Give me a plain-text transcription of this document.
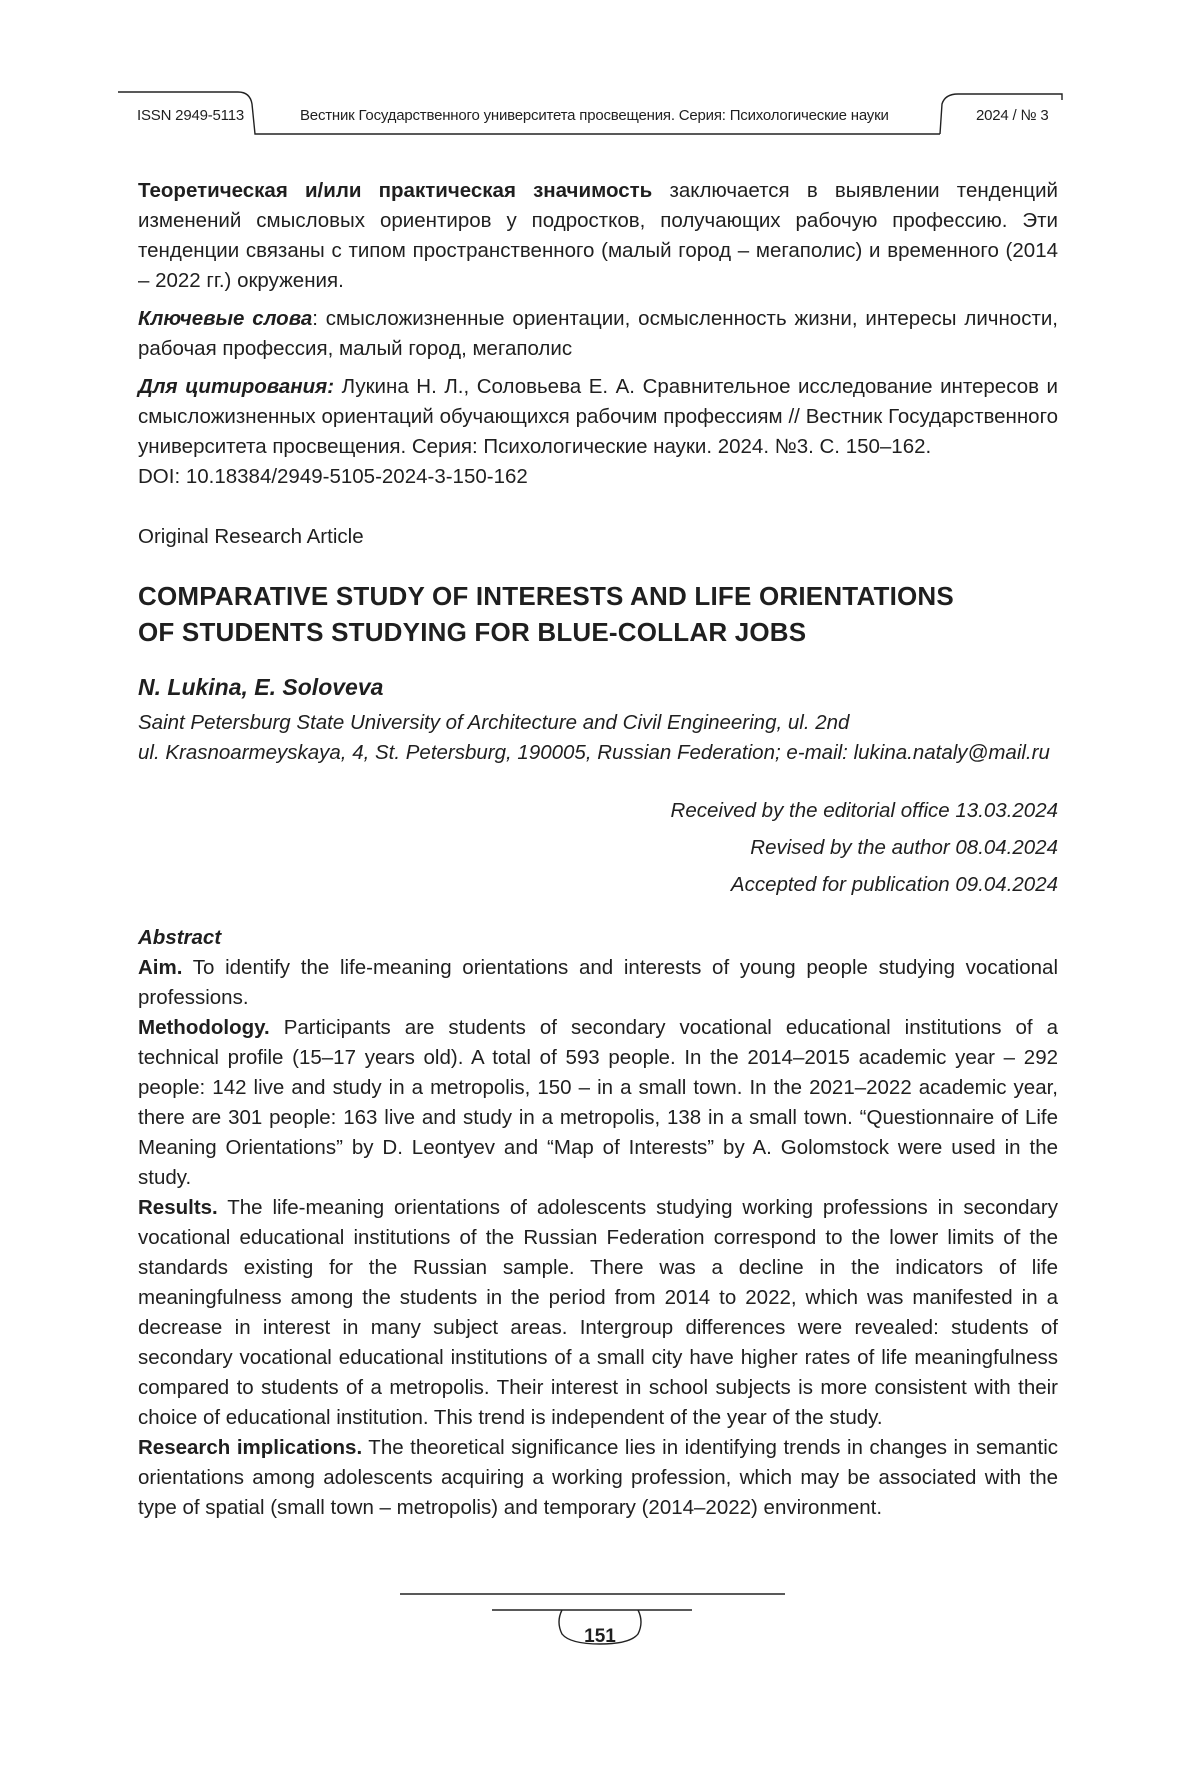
ISSN 2949-5113	Вестник Государственного университета просвещения. Серия: Психологические науки	2024 / № 3

Теоретическая и/или практическая значимость заключается в выявлении тенденций изменений смысловых ориентиров у подростков, получающих рабочую профессию. Эти тенденции связаны с типом пространственного (малый город – мегаполис) и временного (2014 – 2022 гг.) окружения.

Ключевые слова: смысложизненные ориентации, осмысленность жизни, интересы личности, рабочая профессия, малый город, мегаполис

Для цитирования: Лукина Н. Л., Соловьева Е. А. Сравнительное исследование интересов и смысложизненных ориентаций обучающихся рабочим профессиям // Вестник Государственного университета просвещения. Серия: Психологические науки. 2024. №3. С. 150–162.

DOI: 10.18384/2949-5105-2024-3-150-162

Original Research Article

COMPARATIVE STUDY OF INTERESTS AND LIFE ORIENTATIONS
OF STUDENTS STUDYING FOR BLUE-COLLAR JOBS

N. Lukina, E. Soloveva

Saint Petersburg State University of Architecture and Civil Engineering, ul. 2nd
ul. Krasnoarmeyskaya, 4, St. Petersburg, 190005, Russian Federation; e-mail: lukina.nataly@mail.ru

Received by the editorial office 13.03.2024

Revised by the author 08.04.2024

Accepted for publication 09.04.2024

Abstract

Aim. To identify the life-meaning orientations and interests of young people studying vocational professions.

Methodology. Participants are students of secondary vocational educational institutions of a technical profile (15–17 years old). A total of 593 people. In the 2014–2015 academic year – 292 people: 142 live and study in a metropolis, 150 – in a small town. In the 2021–2022 academic year, there are 301 people: 163 live and study in a metropolis, 138 in a small town. “Questionnaire of Life Meaning Orientations” by D. Leontyev and “Map of Interests” by A. Golomstock were used in the study.

Results. The life-meaning orientations of adolescents studying working professions in secondary vocational educational institutions of the Russian Federation correspond to the lower limits of the standards existing for the Russian sample. There was a decline in the indicators of life meaningfulness among the students in the period from 2014 to 2022, which was manifested in a decrease in interest in many subject areas. Intergroup differences were revealed: students of secondary vocational educational institutions of a small city have higher rates of life meaningfulness compared to students of a metropolis. Their interest in school subjects is more consistent with their choice of educational institution. This trend is independent of the year of the study.

Research implications. The theoretical significance lies in identifying trends in changes in semantic orientations among adolescents acquiring a working profession, which may be associated with the type of spatial (small town – metropolis) and temporary (2014–2022) environment.

151
